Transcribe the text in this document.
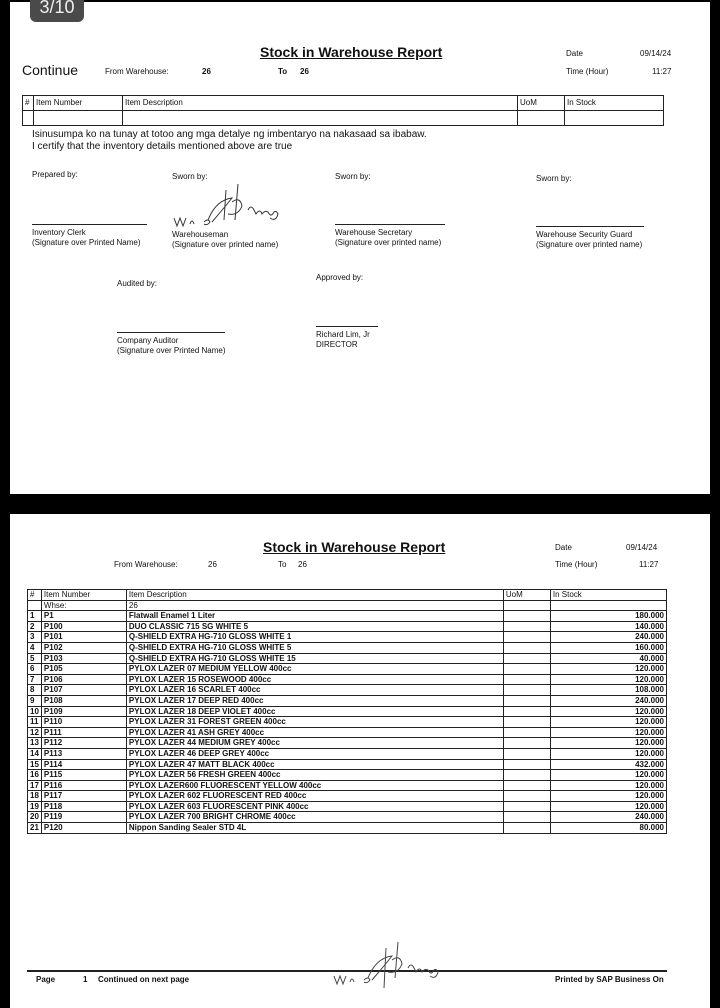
3/10
Stock in Warehouse Report
Continue	From Warehouse:	26	To 26
Date	09/14/24
Time (Hour)	11:27
#	Item Number	Item Description	UoM	In Stock

Isinusumpa ko na tunay at totoo ang mga detalye ng imbentaryo na nakasaad sa ibabaw.
I certify that the inventory details mentioned above are true
Prepared by:
Inventory Clerk
(Signature over Printed Name)
Sworn by:
Warehouseman
(Signature over printed name)
Sworn by:
Warehouse Secretary
(Signature over printed name)
Sworn by:
Warehouse Security Guard
(Signature over printed name)
Audited by:
Company Auditor
(Signature over Printed Name)
Approved by:
Richard Lim, Jr
DIRECTOR
Stock in Warehouse Report
From Warehouse:	26	To 26
Date	09/14/24
Time (Hour)	11:27
#	Item Number	Item Description	UoM	In Stock
	Whse:	26		
1	P1	Flatwall Enamel 1 Liter		180.000
2	P100	DUO CLASSIC 715 SG WHITE 5		140.000
3	P101	Q-SHIELD EXTRA HG-710 GLOSS WHITE 1		240.000
4	P102	Q-SHIELD EXTRA HG-710 GLOSS WHITE 5		160.000
5	P103	Q-SHIELD EXTRA HG-710 GLOSS WHITE 15		40.000
6	P105	PYLOX LAZER 07 MEDIUM YELLOW 400cc		120.000
7	P106	PYLOX LAZER 15 ROSEWOOD 400cc		120.000
8	P107	PYLOX LAZER 16 SCARLET 400cc		108.000
9	P108	PYLOX LAZER 17 DEEP RED 400cc		240.000
10	P109	PYLOX LAZER 18 DEEP VIOLET 400cc		120.000
11	P110	PYLOX LAZER 31 FOREST GREEN 400cc		120.000
12	P111	PYLOX LAZER 41 ASH GREY 400cc		120.000
13	P112	PYLOX LAZER 44 MEDIUM GREY 400cc		120.000
14	P113	PYLOX LAZER 46 DEEP GREY 400cc		120.000
15	P114	PYLOX LAZER 47 MATT BLACK 400cc		432.000
16	P115	PYLOX LAZER 56 FRESH GREEN 400cc		120.000
17	P116	PYLOX LAZER600 FLUORESCENT YELLOW 400cc		120.000
18	P117	PYLOX LAZER 602 FLUORESCENT RED 400cc		120.000
19	P118	PYLOX LAZER 603 FLUORESCENT PINK 400cc		120.000
20	P119	PYLOX LAZER 700 BRIGHT CHROME 400cc		240.000
21	P120	Nippon Sanding Sealer STD 4L		80.000
Page	1 Continued on next page	Printed by SAP Business On
